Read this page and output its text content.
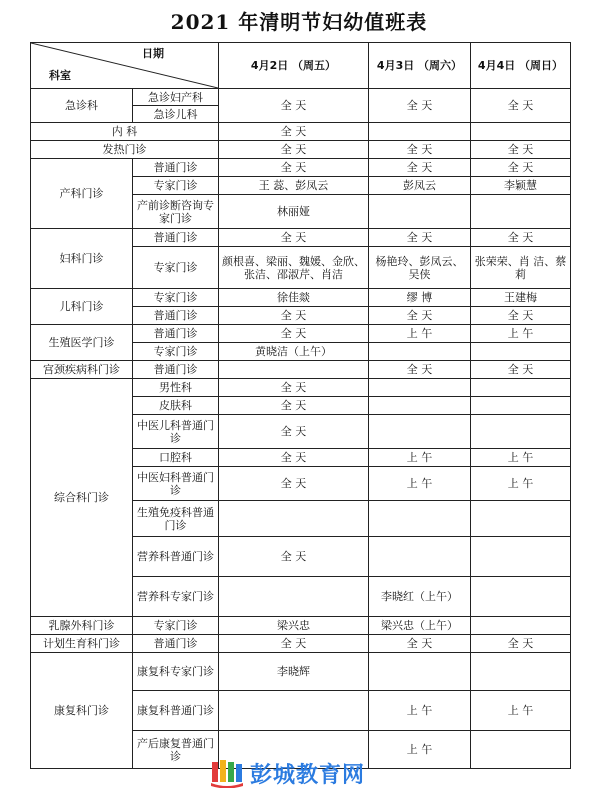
2021 年清明节妇幼值班表
日期
科室		4月2日 （周五）	4月3日 （周六）	4月4日 （周日）
急诊科	急诊妇产科	全 天	全 天	全 天
	急诊儿科			
内 科		全 天		
发热门诊		全 天	全 天	全 天
产科门诊	普通门诊	全 天	全 天	全 天
	专家门诊	王 蕊、彭凤云	彭凤云	李颖慧
	产前诊断咨询专家门诊	林丽娅		
妇科门诊	普通门诊	全 天	全 天	全 天
	专家门诊	颜根喜、梁丽、魏媛、金欣、张洁、邵淑芹、肖洁	杨艳玲、彭凤云、吴侠	张荣荣、肖 洁、蔡 莉
儿科门诊	专家门诊	徐佳燚	缪 博	王建梅
	普通门诊	全 天	全 天	全 天
生殖医学门诊	普通门诊	全 天	上 午	上 午
	专家门诊	黄晓洁（上午）		
宫颈疾病科门诊	普通门诊		全 天	全 天
综合科门诊	男性科	全 天		
	皮肤科	全 天		
	中医儿科普通门诊	全 天		
	口腔科	全 天	上 午	上 午
	中医妇科普通门诊	全 天	上 午	上 午
	生殖免疫科普通门诊			
	营养科普通门诊	全 天		
	营养科专家门诊		李晓红（上午）	
乳腺外科门诊	专家门诊	梁兴忠	梁兴忠（上午）	
计划生育科门诊	普通门诊	全 天	全 天	全 天
康复科门诊	康复科专家门诊	李晓辉		
	康复科普通门诊		上 午	上 午
	产后康复普通门诊		上 午	
彭城教育网
